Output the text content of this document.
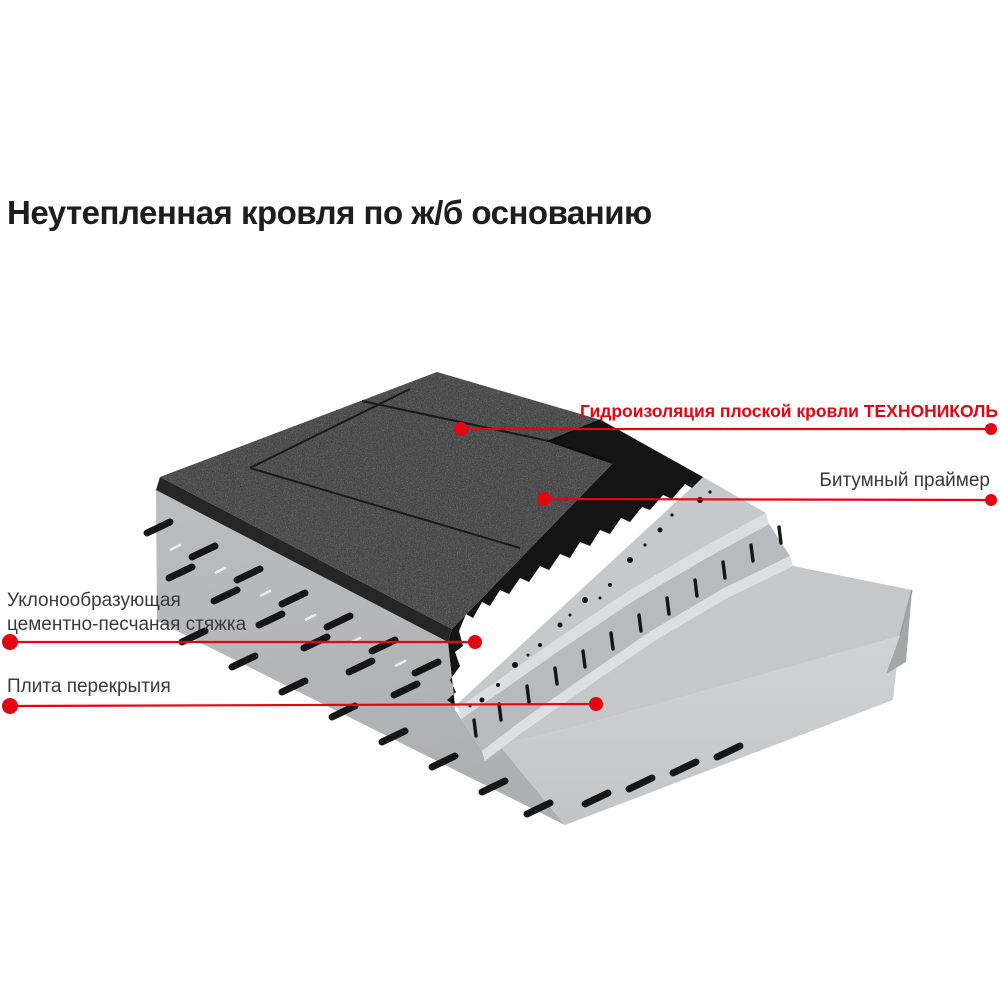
Неутепленная кровля по ж/б основанию
Гидроизоляция плоской кровли ТЕХНОНИКОЛЬ
Битумный праймер
Уклонообразующая
цементно-песчаная стяжка
Плита перекрытия
